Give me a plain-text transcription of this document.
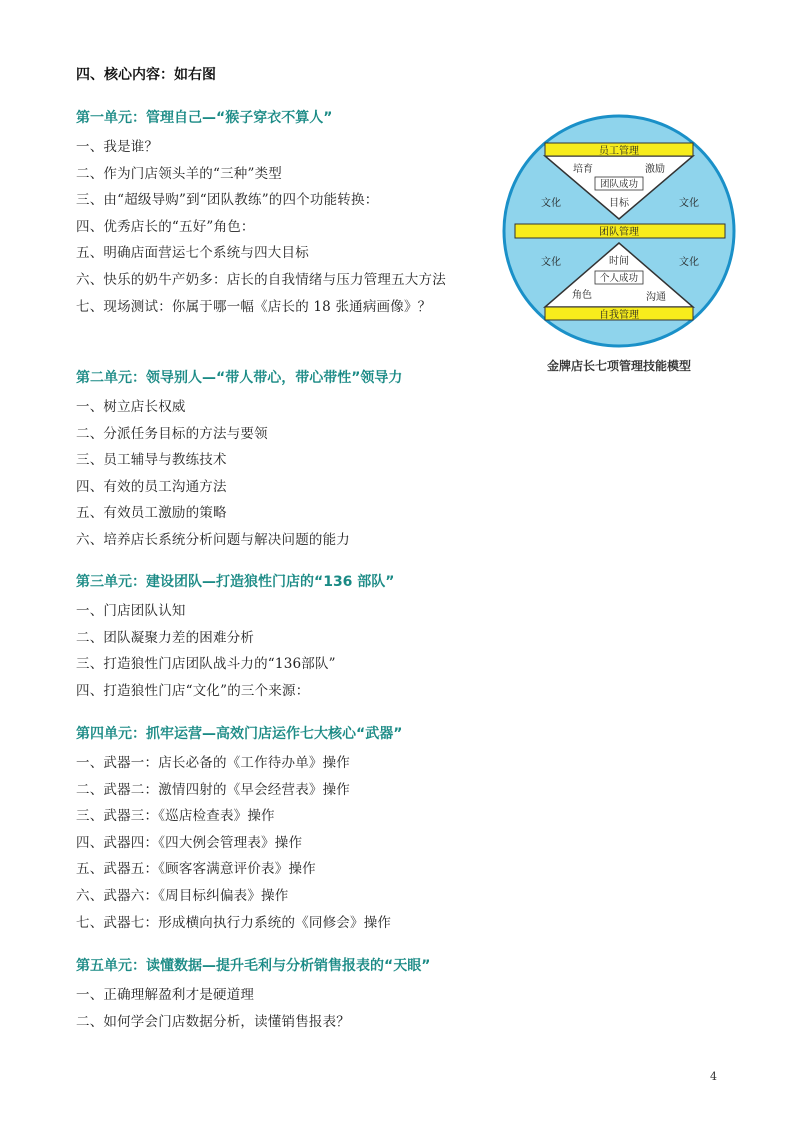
四、核心内容：如右图
第一单元：管理自己—“猴子穿衣不算人”
一、我是谁？
二、作为门店领头羊的“三种”类型
三、由“超级导购”到“团队教练”的四个功能转换：
四、优秀店长的“五好”角色：
五、明确店面营运七个系统与四大目标
六、快乐的奶牛产奶多：店长的自我情绪与压力管理五大方法
七、现场测试：你属于哪一幅《店长的 18 张通病画像》？
第二单元：领导别人—“带人带心，带心带性”领导力
一、树立店长权威
二、分派任务目标的方法与要领
三、员工辅导与教练技术
四、有效的员工沟通方法
五、有效员工激励的策略
六、培养店长系统分析问题与解决问题的能力
第三单元：建设团队—打造狼性门店的“136 部队”
一、门店团队认知
二、团队凝聚力差的困难分析
三、打造狼性门店团队战斗力的“136部队”
四、打造狼性门店“文化”的三个来源：
第四单元：抓牢运营—高效门店运作七大核心“武器”
一、武器一：店长必备的《工作待办单》操作
二、武器二：激情四射的《早会经营表》操作
三、武器三：《巡店检查表》操作
四、武器四：《四大例会管理表》操作
五、武器五：《顾客客满意评价表》操作
六、武器六：《周目标纠偏表》操作
七、武器七：形成横向执行力系统的《同修会》操作
第五单元：读懂数据—提升毛利与分析销售报表的“天眼”
一、正确理解盈利才是硬道理
二、如何学会门店数据分析，读懂销售报表？
员工管理
培育	激励
团队成功
目标
团队管理
文化	文化
文化	文化
时间
个人成功
角色	沟通
自我管理
金牌店长七项管理技能模型
4
